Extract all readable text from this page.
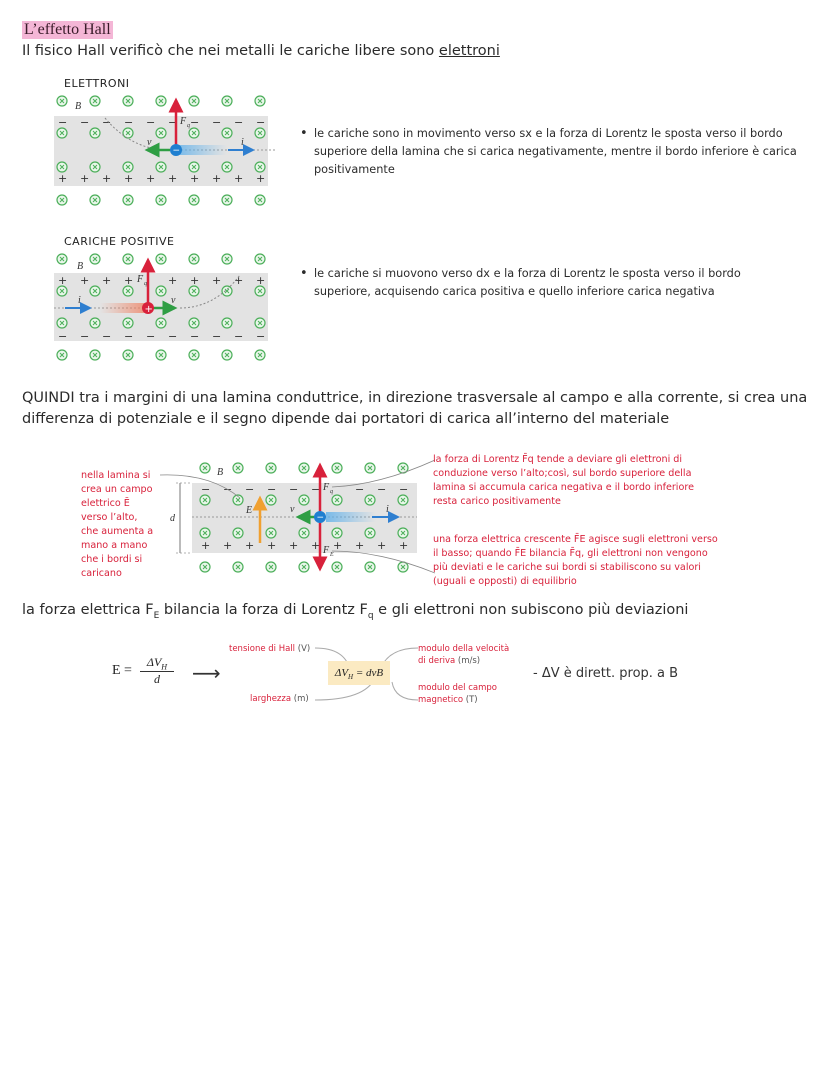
L’effetto Hall
Il fisico Hall verificò che nei metalli le cariche libere sono elettroni
ELETTRONI
− − − − − − − − − −
+ + + + + + + + + +
−
B
F q
v	i
• le cariche sono in movimento verso sx e la forza di Lorentz le sposta verso il bordo superiore della lamina che si carica negativamente, mentre il bordo inferiore è carica positivamente
CARICHE POSITIVE
+ + + +	+ + + + +
− − − − − − − − − −
+
B
F q
v
i
• le cariche si muovono verso dx e la forza di Lorentz le sposta verso il bordo superiore, acquisendo carica positiva e quello inferiore carica negativa
QUINDI tra i margini di una lamina conduttrice, in direzione trasversale al campo e alla corrente, si crea una differenza di potenziale e il segno dipende dai portatori di carica all’interno del materiale
nella lamina si
crea un campo
elettrico Ē
verso l’alto,
che aumenta a
mano a mano
che i bordi si
caricano
− − − − − −	− − −
+ + + + + + + + + +
−
B
E
d
v	i
F q
F E
la forza di Lorentz F̄q tende a deviare gli elettroni di conduzione verso l’alto;così, sul bordo superiore della lamina si accumula carica negativa e il bordo inferiore resta carico positivamente
una forza elettrica crescente F̄E agisce sugli elettroni verso il basso; quando F̄E bilancia F̄q, gli elettroni non vengono più deviati e le cariche sui bordi si stabiliscono su valori (uguali e opposti) di equilibrio
la forza elettrica $F_E$ bilancia la forza di Lorentz $F_q$ e gli elettroni non subiscono più deviazioni
E =
$\Delta V_H$
d	⟶	$\Delta V_H$ = dvB
tensione di Hall (V)
larghezza (m)
modulo della velocità
di deriva (m/s)
modulo del campo
magnetico (T)
- ΔV è dirett. prop. a B
